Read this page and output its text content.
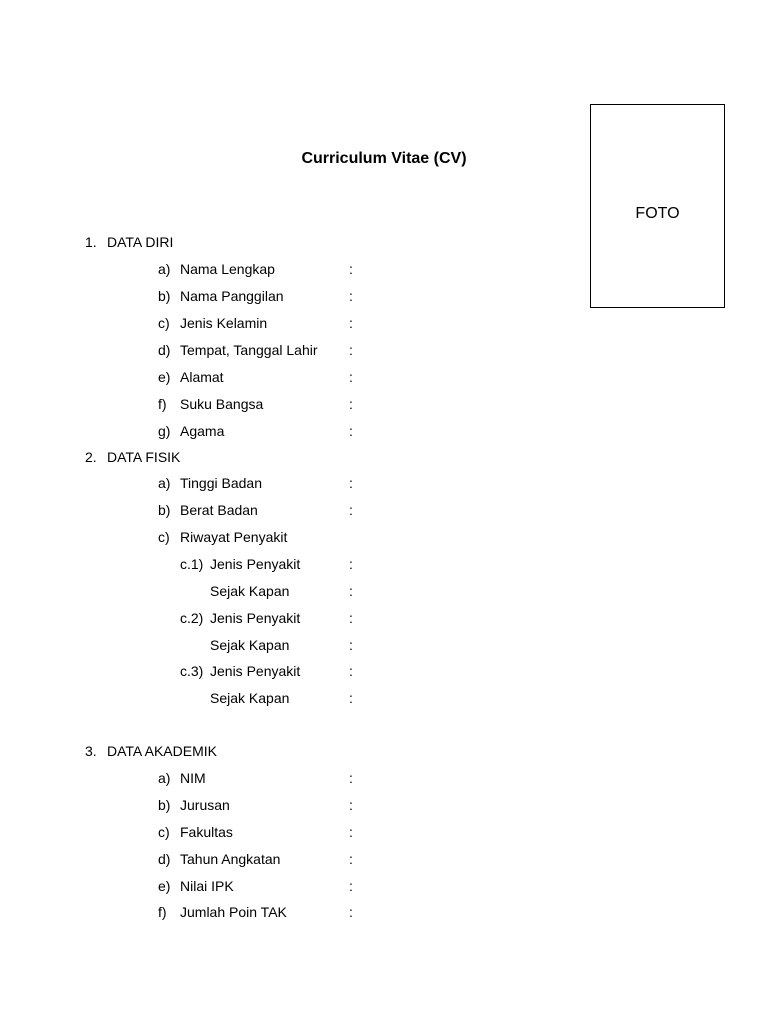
Curriculum Vitae (CV)
FOTO
1. DATA DIRI
a) Nama Lengkap	:
b) Nama Panggilan	:
c) Jenis Kelamin	:
d) Tempat, Tanggal Lahir :
e) Alamat	:
f) Suku Bangsa	:
g) Agama	:
2. DATA FISIK
a) Tinggi Badan	:
b) Berat Badan	:
c) Riwayat Penyakit
c.1) Jenis Penyakit	:
Sejak Kapan	:
c.2) Jenis Penyakit	:
Sejak Kapan	:
c.3) Jenis Penyakit	:
Sejak Kapan	:
3. DATA AKADEMIK
a) NIM	:
b) Jurusan	:
c) Fakultas	:
d) Tahun Angkatan	:
e) Nilai IPK	:
f) Jumlah Poin TAK	:
